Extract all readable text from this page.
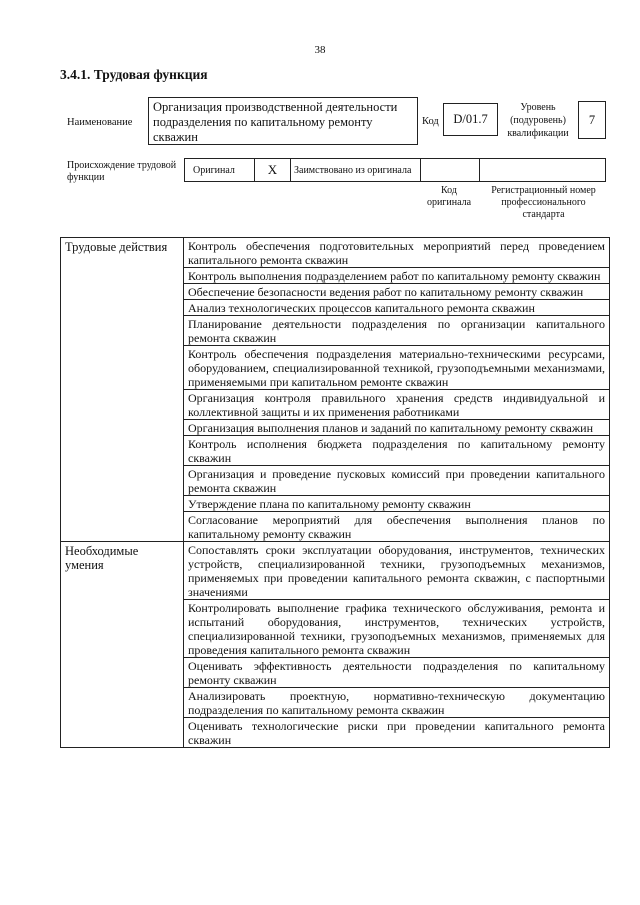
38
3.4.1. Трудовая функция
Наименование
Организация производственной деятельности подразделения по капитальному ремонту скважин
Код D/01.7
Уровень (подуровень) квалификации
7
Происхождение трудовой функции
Оригинал	X	Заимствовано из оригинала
Код оригинала
Регистрационный номер профессионального стандарта
Трудовые действия	Контроль обеспечения подготовительных мероприятий перед проведением капитального ремонта скважин
	Контроль выполнения подразделением работ по капитальному ремонту скважин
	Обеспечение безопасности ведения работ по капитальному ремонту скважин
	Анализ технологических процессов капитального ремонта скважин
	Планирование деятельности подразделения по организации капитального ремонта скважин
	Контроль обеспечения подразделения материально-техническими ресурсами, оборудованием, специализированной техникой, грузоподъемными механизмами, применяемыми при капитальном ремонте скважин
	Организация контроля правильного хранения средств индивидуальной и коллективной защиты и их применения работниками
	Организация выполнения планов и заданий по капитальному ремонту скважин
	Контроль исполнения бюджета подразделения по капитальному ремонту скважин
	Организация и проведение пусковых комиссий при проведении капитального ремонта скважин
	Утверждение плана по капитальному ремонту скважин
	Согласование мероприятий для обеспечения выполнения планов по капитальному ремонту скважин
Необходимые умения	Сопоставлять сроки эксплуатации оборудования, инструментов, технических устройств, специализированной техники, грузоподъемных механизмов, применяемых при проведении капитального ремонта скважин, с паспортными значениями
	Контролировать выполнение графика технического обслуживания, ремонта и испытаний оборудования, инструментов, технических устройств, специализированной техники, грузоподъемных механизмов, применяемых для проведения капитального ремонта скважин
	Оценивать эффективность деятельности подразделения по капитальному ремонту скважин
	Анализировать проектную, нормативно-техническую документацию подразделения по капитальному ремонта скважин
	Оценивать технологические риски при проведении капитального ремонта скважин
